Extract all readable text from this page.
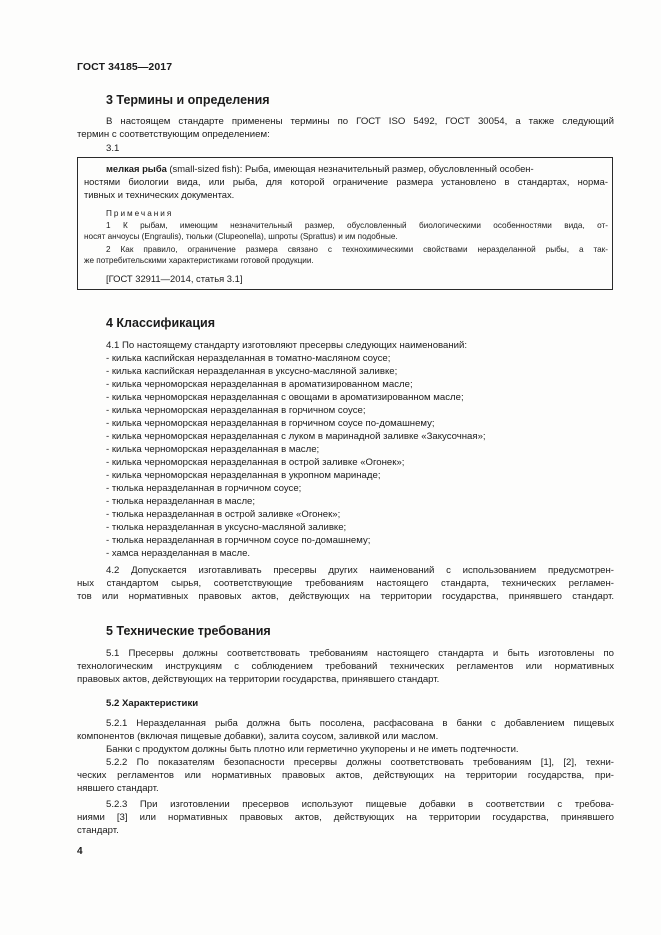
ГОСТ 34185—2017
3 Термины и определения
В настоящем стандарте применены термины по ГОСТ ISO 5492, ГОСТ 30054, а также следующий
термин с соответствующим определением:
3.1
мелкая рыба (small-sized fish): Рыба, имеющая незначительный размер, обусловленный особен-
ностями биологии вида, или рыба, для которой ограничение размера установлено в стандартах, норма-
тивных и технических документах.
Примечания
1 К рыбам, имеющим незначительный размер, обусловленный биологическими особенностями вида, от-
носят анчоусы (Engraulis), тюльки (Clupeonella), шпроты (Sprattus) и им подобные.
2 Как правило, ограничение размера связано с технохимическими свойствами неразделанной рыбы, а так-
же потребительскими характеристиками готовой продукции.
[ГОСТ 32911—2014, статья 3.1]
4 Классификация
4.1 По настоящему стандарту изготовляют пресервы следующих наименований:
- килька каспийская неразделанная в томатно-масляном соусе;
- килька каспийская неразделанная в уксусно-масляной заливке;
- килька черноморская неразделанная в ароматизированном масле;
- килька черноморская неразделанная с овощами в ароматизированном масле;
- килька черноморская неразделанная в горчичном соусе;
- килька черноморская неразделанная в горчичном соусе по-домашнему;
- килька черноморская неразделанная с луком в маринадной заливке «Закусочная»;
- килька черноморская неразделанная в масле;
- килька черноморская неразделанная в острой заливке «Огонек»;
- килька черноморская неразделанная в укропном маринаде;
- тюлька неразделанная в горчичном соусе;
- тюлька неразделанная в масле;
- тюлька неразделанная в острой заливке «Огонек»;
- тюлька неразделанная в уксусно-масляной заливке;
- тюлька неразделанная в горчичном соусе по-домашнему;
- хамса неразделанная в масле.
4.2 Допускается изготавливать пресервы других наименований с использованием предусмотрен-
ных стандартом сырья, соответствующие требованиям настоящего стандарта, технических регламен-
тов или нормативных правовых актов, действующих на территории государства, принявшего стандарт.
5 Технические требования
5.1 Пресервы должны соответствовать требованиям настоящего стандарта и быть изготовлены по
технологическим инструкциям с соблюдением требований технических регламентов или нормативных
правовых актов, действующих на территории государства, принявшего стандарт.
5.2 Характеристики
5.2.1 Неразделанная рыба должна быть посолена, расфасована в банки с добавлением пищевых
компонентов (включая пищевые добавки), залита соусом, заливкой или маслом.
Банки с продуктом должны быть плотно или герметично укупорены и не иметь подтечности.
5.2.2 По показателям безопасности пресервы должны соответствовать требованиям [1], [2], техни-
ческих регламентов или нормативных правовых актов, действующих на территории государства, при-
нявшего стандарт.
5.2.3 При изготовлении пресервов используют пищевые добавки в соответствии с требова-
ниями [3] или нормативных правовых актов, действующих на территории государства, принявшего
стандарт.
4
